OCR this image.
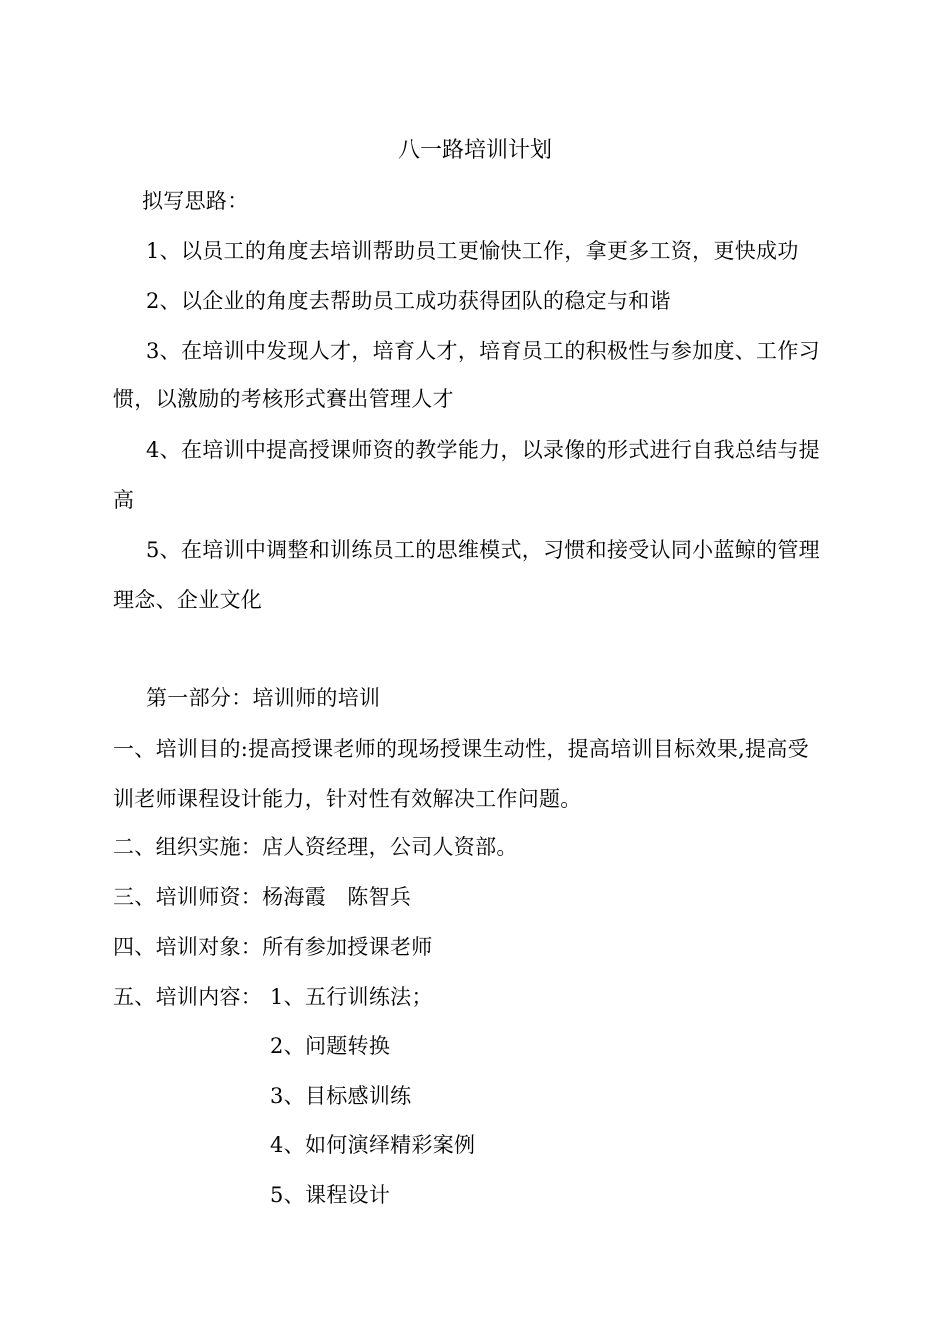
八一路培训计划
拟写思路：
1、以员工的角度去培训帮助员工更愉快工作，拿更多工资，更快成功
2、以企业的角度去帮助员工成功获得团队的稳定与和谐
3、在培训中发现人才，培育人才，培育员工的积极性与参加度、工作习
惯，以激励的考核形式賽出管理人才
4、在培训中提高授课师资的教学能力，以录像的形式进行自我总结与提
高
5、在培训中调整和训练员工的思维模式，习惯和接受认同小蓝鲸的管理
理念、企业文化
第一部分：培训师的培训
一、培训目的:提高授课老师的现场授课生动性，提高培训目标效果,提高受
训老师课程设计能力，针对性有效解决工作问题。
二、组织实施：店人资经理，公司人资部。
三、培训师资：杨海霞　陈智兵
四、培训对象：所有参加授课老师
五、培训内容： 1、五行训练法；
2、问题转换
3、目标感训练
4、如何演绎精彩案例
5、课程设计
